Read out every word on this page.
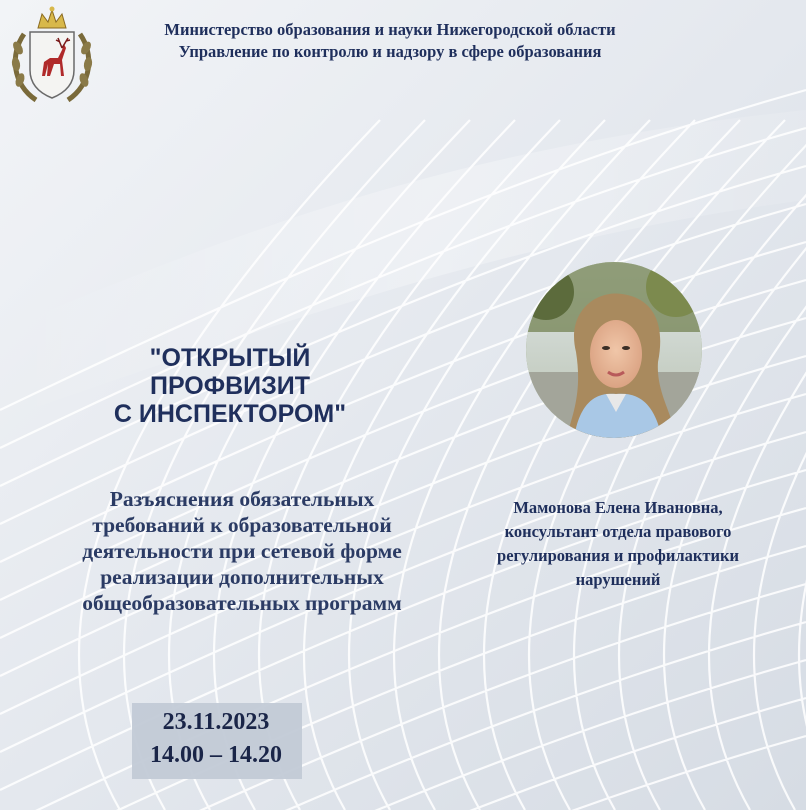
Министерство образования и науки Нижегородской области
Управление по контролю и надзору в сфере образования
"ОТКРЫТЫЙ
ПРОФВИЗИТ
С ИНСПЕКТОРОМ"
Разъяснения обязательных
требований к образовательной
деятельности при сетевой форме
реализации дополнительных
общеобразовательных программ
Мамонова Елена Ивановна,
консультант отдела правового
регулирования и профилактики
нарушений
23.11.2023
14.00 – 14.20
